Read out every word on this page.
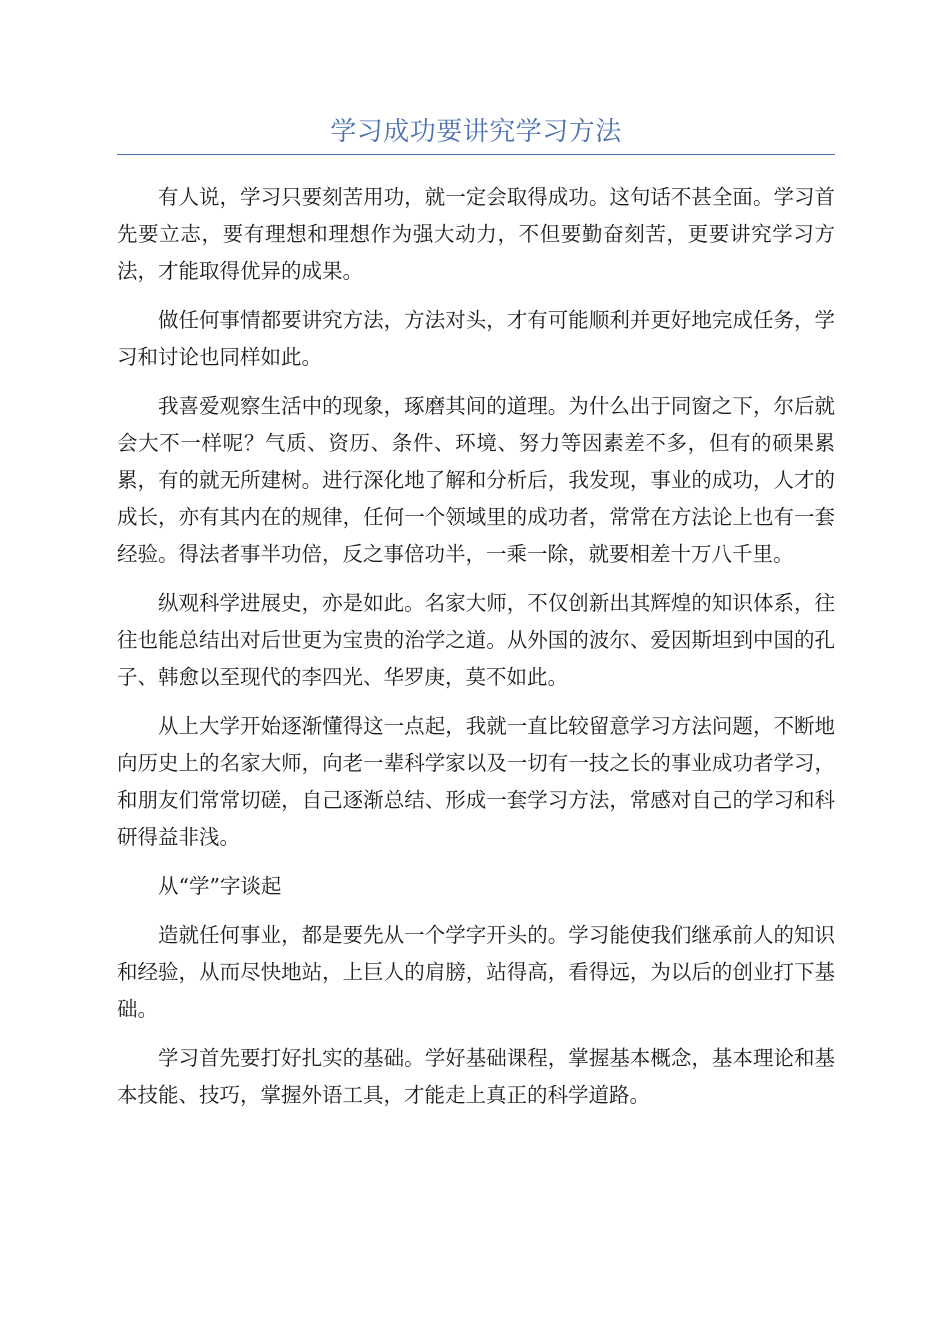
学习成功要讲究学习方法

有人说，学习只要刻苦用功，就一定会取得成功。这句话不甚全面。学习首先要立志，要有理想和理想作为强大动力，不但要勤奋刻苦，更要讲究学习方法，才能取得优异的成果。

做任何事情都要讲究方法，方法对头，才有可能顺利并更好地完成任务，学习和讨论也同样如此。

我喜爱观察生活中的现象，琢磨其间的道理。为什么出于同窗之下，尔后就会大不一样呢？气质、资历、条件、环境、努力等因素差不多，但有的硕果累累，有的就无所建树。进行深化地了解和分析后，我发现，事业的成功，人才的成长，亦有其内在的规律，任何一个领域里的成功者，常常在方法论上也有一套经验。得法者事半功倍，反之事倍功半，一乘一除，就要相差十万八千里。

纵观科学进展史，亦是如此。名家大师，不仅创新出其辉煌的知识体系，往往也能总结出对后世更为宝贵的治学之道。从外国的波尔、爱因斯坦到中国的孔子、韩愈以至现代的李四光、华罗庚，莫不如此。

从上大学开始逐渐懂得这一点起，我就一直比较留意学习方法问题，不断地向历史上的名家大师，向老一辈科学家以及一切有一技之长的事业成功者学习，和朋友们常常切磋，自己逐渐总结、形成一套学习方法，常感对自己的学习和科研得益非浅。

从“学”字谈起

造就任何事业，都是要先从一个学字开头的。学习能使我们继承前人的知识和经验，从而尽快地站，上巨人的肩膀，站得高，看得远，为以后的创业打下基础。

学习首先要打好扎实的基础。学好基础课程，掌握基本概念，基本理论和基本技能、技巧，掌握外语工具，才能走上真正的科学道路。
